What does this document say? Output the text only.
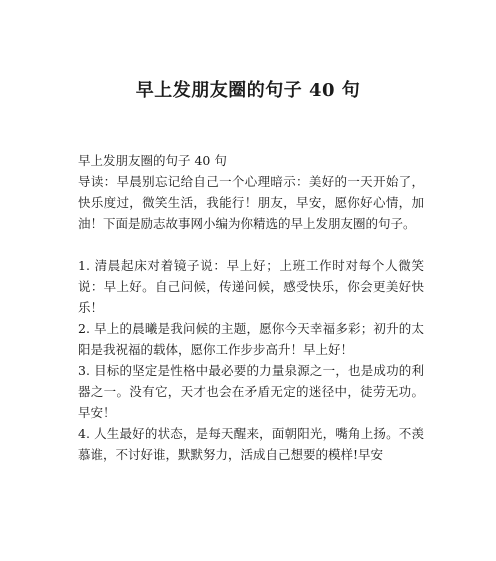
早上发朋友圈的句子 40 句

早上发朋友圈的句子 40 句

导读：早晨别忘记给自己一个心理暗示：美好的一天开始了，快乐度过，微笑生活，我能行！朋友，早安，愿你好心情，加油！下面是励志故事网小编为你精选的早上发朋友圈的句子。

1. 清晨起床对着镜子说：早上好；上班工作时对每个人微笑说：早上好。自己问候，传递问候，感受快乐，你会更美好快乐！

2. 早上的晨曦是我问候的主题，愿你今天幸福多彩；初升的太阳是我祝福的载体，愿你工作步步高升！早上好！

3. 目标的坚定是性格中最必要的力量泉源之一，也是成功的利器之一。没有它，天才也会在矛盾无定的迷径中，徒劳无功。早安！

4. 人生最好的状态，是每天醒来，面朝阳光，嘴角上扬。不羡慕谁，不讨好谁，默默努力，活成自己想要的模样!早安
